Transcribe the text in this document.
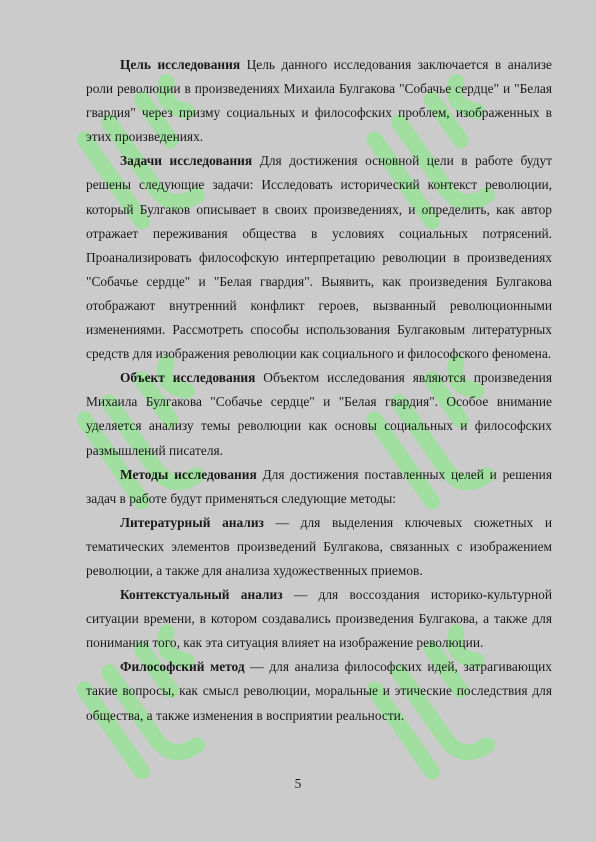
Цель исследования Цель данного исследования заключается в анализе роли революции в произведениях Михаила Булгакова "Собачье сердце" и "Белая гвардия" через призму социальных и философских проблем, изображенных в этих произведениях.

Задачи исследования Для достижения основной цели в работе будут решены следующие задачи: Исследовать исторический контекст революции, который Булгаков описывает в своих произведениях, и определить, как автор отражает переживания общества в условиях социальных потрясений. Проанализировать философскую интерпретацию революции в произведениях "Собачье сердце" и "Белая гвардия". Выявить, как произведения Булгакова отображают внутренний конфликт героев, вызванный революционными изменениями. Рассмотреть способы использования Булгаковым литературных средств для изображения революции как социального и философского феномена.

Объект исследования Объектом исследования являются произведения Михаила Булгакова "Собачье сердце" и "Белая гвардия". Особое внимание уделяется анализу темы революции как основы социальных и философских размышлений писателя.

Методы исследования Для достижения поставленных целей и решения задач в работе будут применяться следующие методы:

Литературный анализ — для выделения ключевых сюжетных и тематических элементов произведений Булгакова, связанных с изображением революции, а также для анализа художественных приемов.

Контекстуальный анализ — для воссоздания историко-культурной ситуации времени, в котором создавались произведения Булгакова, а также для понимания того, как эта ситуация влияет на изображение революции.

Философский метод — для анализа философских идей, затрагивающих такие вопросы, как смысл революции, моральные и этические последствия для общества, а также изменения в восприятии реальности.

5
